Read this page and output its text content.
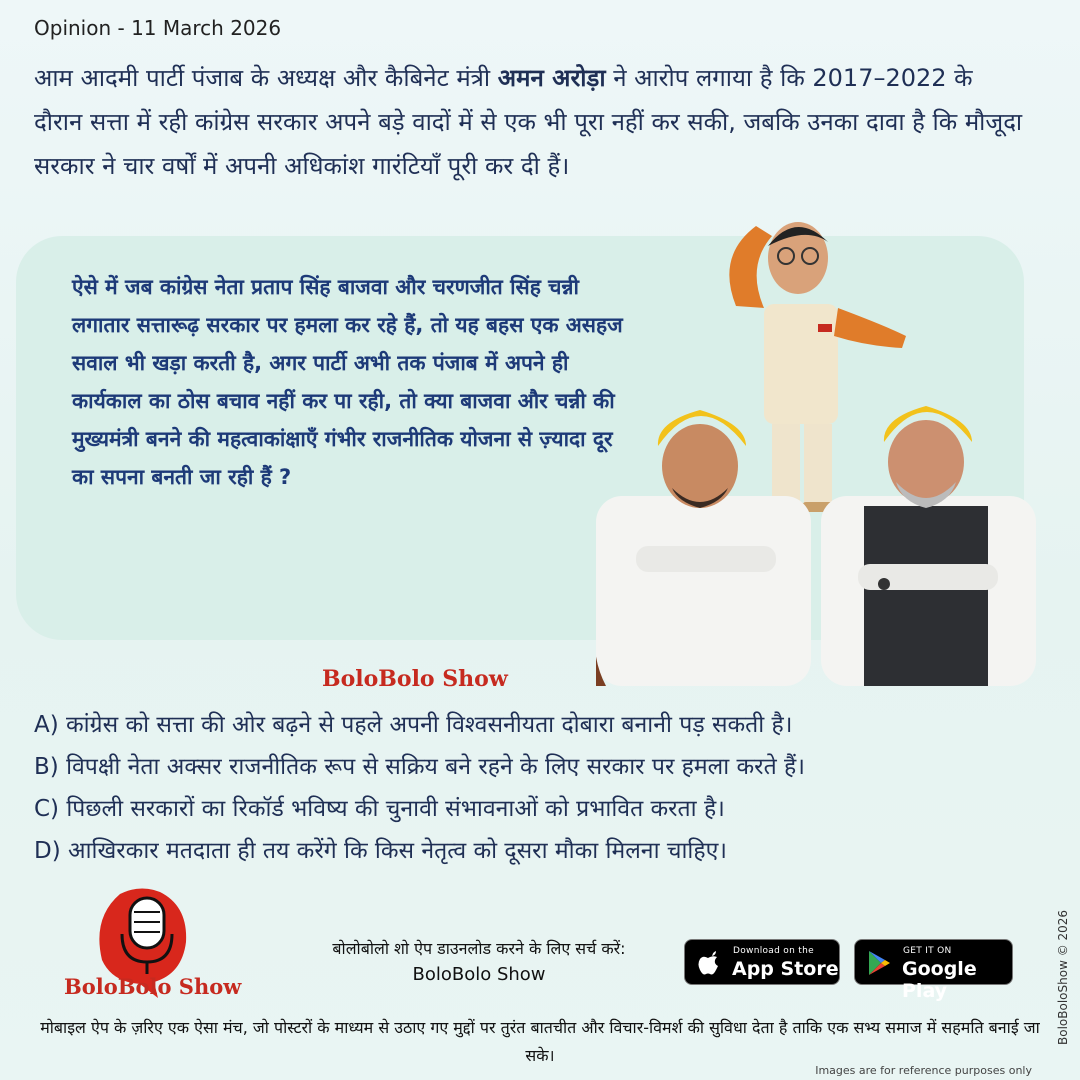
Opinion - 11 March 2026
आम आदमी पार्टी पंजाब के अध्यक्ष और कैबिनेट मंत्री अमन अरोड़ा ने आरोप लगाया है कि 2017–2022 के दौरान सत्ता में रही कांग्रेस सरकार अपने बड़े वादों में से एक भी पूरा नहीं कर सकी, जबकि उनका दावा है कि मौजूदा सरकार ने चार वर्षों में अपनी अधिकांश गारंटियाँ पूरी कर दी हैं।
ऐसे में जब कांग्रेस नेता प्रताप सिंह बाजवा और चरणजीत सिंह चन्नी लगातार सत्तारूढ़ सरकार पर हमला कर रहे हैं, तो यह बहस एक असहज सवाल भी खड़ा करती है, अगर पार्टी अभी तक पंजाब में अपने ही कार्यकाल का ठोस बचाव नहीं कर पा रही, तो क्या बाजवा और चन्नी की मुख्यमंत्री बनने की महत्वाकांक्षाएँ गंभीर राजनीतिक योजना से ज़्यादा दूर का सपना बनती जा रही हैं ?
BoloBolo Show
A) कांग्रेस को सत्ता की ओर बढ़ने से पहले अपनी विश्वसनीयता दोबारा बनानी पड़ सकती है।
B) विपक्षी नेता अक्सर राजनीतिक रूप से सक्रिय बने रहने के लिए सरकार पर हमला करते हैं।
C) पिछली सरकारों का रिकॉर्ड भविष्य की चुनावी संभावनाओं को प्रभावित करता है।
D) आखिरकार मतदाता ही तय करेंगे कि किस नेतृत्व को दूसरा मौका मिलना चाहिए।
BoloBolo Show
बोलोबोलो शो ऐप डाउनलोड करने के लिए सर्च करें:
BoloBolo Show
Download on the
App Store
GET IT ON
Google Play
मोबाइल ऐप के ज़रिए एक ऐसा मंच, जो पोस्टरों के माध्यम से उठाए गए मुद्दों पर तुरंत बातचीत और विचार-विमर्श की सुविधा देता है ताकि एक सभ्य समाज में सहमति बनाई जा सके।
BoloBoloShow © 2026
Images are for reference purposes only
